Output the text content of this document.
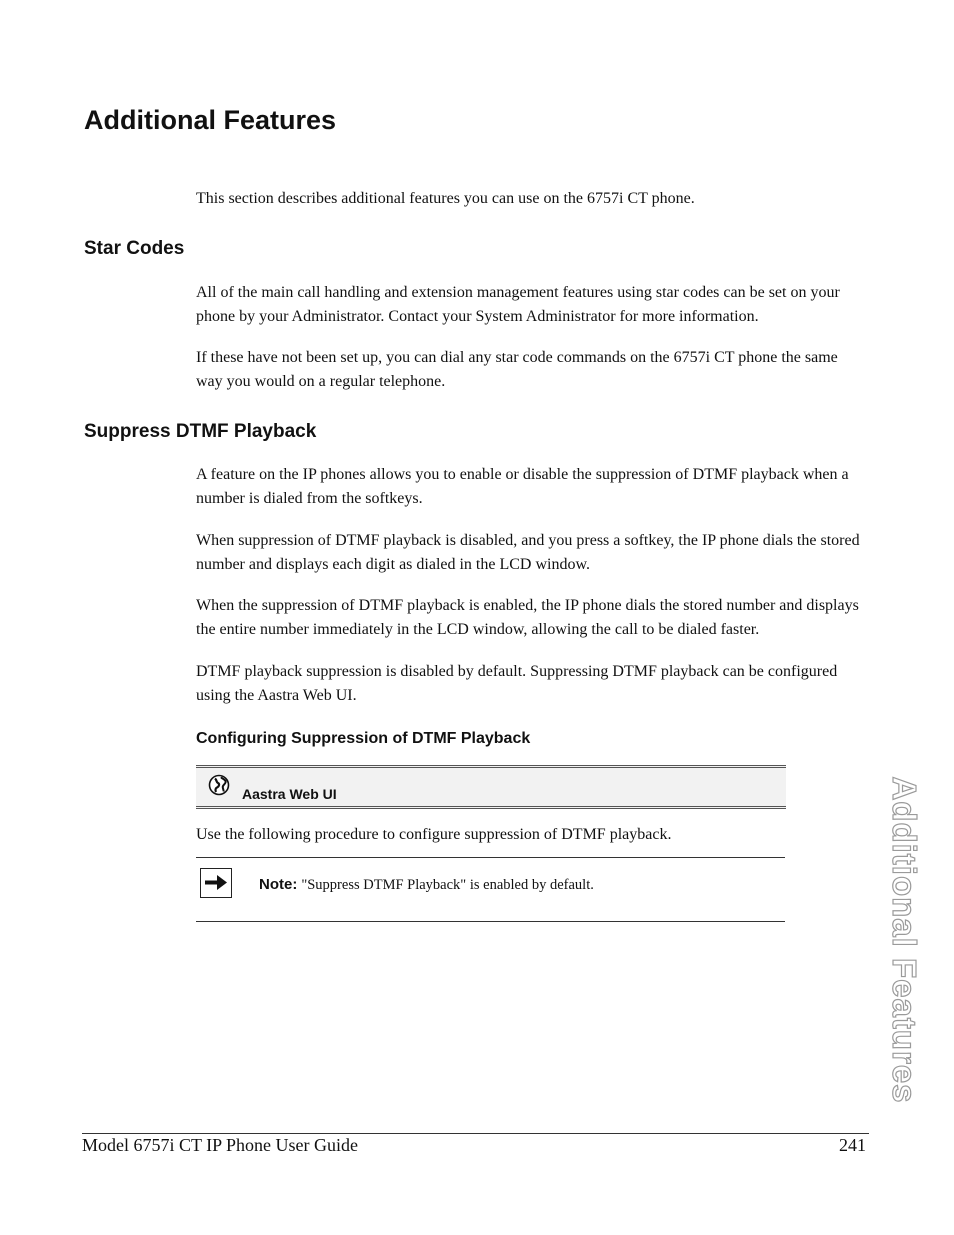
Additional Features

This section describes additional features you can use on the 6757i CT phone.

Star Codes

All of the main call handling and extension management features using star codes can be set on your phone by your Administrator. Contact your System Administrator for more information.

If these have not been set up, you can dial any star code commands on the 6757i CT phone the same way you would on a regular telephone.

Suppress DTMF Playback

A feature on the IP phones allows you to enable or disable the suppression of DTMF playback when a number is dialed from the softkeys.

When suppression of DTMF playback is disabled, and you press a softkey, the IP phone dials the stored number and displays each digit as dialed in the LCD window.

When the suppression of DTMF playback is enabled, the IP phone dials the stored number and displays the entire number immediately in the LCD window, allowing the call to be dialed faster.

DTMF playback suppression is disabled by default. Suppressing DTMF playback can be configured using the Aastra Web UI.

Configuring Suppression of DTMF Playback
Aastra Web UI

Use the following procedure to configure suppression of DTMF playback.

Note: "Suppress DTMF Playback" is enabled by default.	Additional Features
Model 6757i CT IP Phone User Guide	241
